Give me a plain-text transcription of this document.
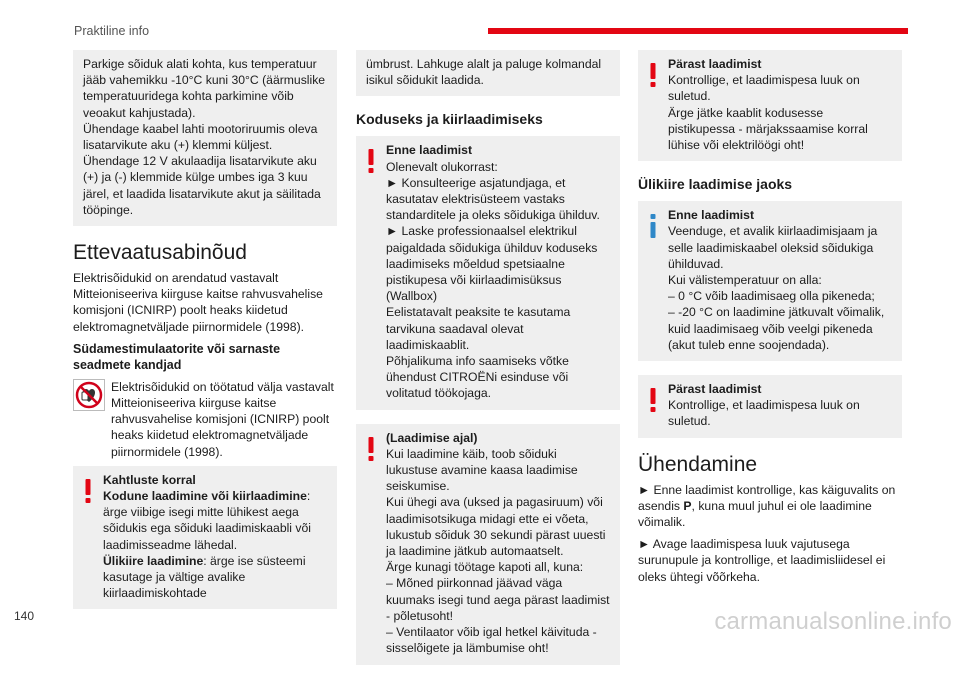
Praktiline info

Parkige sõiduk alati kohta, kus temperatuur jääb vahemikku -10°C kuni 30°C (äärmuslike temperatuuridega kohta parkimine võib veoakut kahjustada).

Ühendage kaabel lahti mootoriruumis oleva lisatarvikute aku (+) klemmi küljest.

Ühendage 12 V akulaadija lisatarvikute aku (+) ja (-) klemmide külge umbes iga 3 kuu järel, et laadida lisatarvikute akut ja säilitada tööpinge.

Ettevaatusabinõud

Elektrisõidukid on arendatud vastavalt Mitteioniseeriva kiirguse kaitse rahvusvahelise komisjoni (ICNIRP) poolt heaks kiidetud elektromagnetväljade piirnormidele (1998).

Südamestimulaatorite või sarnaste seadmete kandjad
Elektrisõidukid on töötatud välja vastavalt Mitteioniseeriva kiirguse kaitse rahvusvahelise komisjoni (ICNIRP) poolt heaks kiidetud elektromagnetväljade piirnormidele (1998).

Kahtluste korral

Kodune laadimine või kiirlaadimine: ärge viibige isegi mitte lühikest aega sõidukis ega sõiduki laadimiskaabli või laadimisseadme lähedal.

Ülikiire laadimine: ärge ise süsteemi kasutage ja vältige avalike kiirlaadimiskohtade

ümbrust. Lahkuge alalt ja paluge kolmandal isikul sõidukit laadida.

Koduseks ja kiirlaadimiseks

Enne laadimist

Olenevalt olukorrast:

► Konsulteerige asjatundjaga, et kasutatav elektrisüsteem vastaks standarditele ja oleks sõidukiga ühilduv.

► Laske professionaalsel elektrikul paigaldada sõidukiga ühilduv koduseks laadimiseks mõeldud spetsiaalne pistikupesa või kiirlaadimisüksus (Wallbox)

Eelistatavalt peaksite te kasutama tarvikuna saadaval olevat laadimiskaablit.

Põhjalikuma info saamiseks võtke ühendust CITROËNi esinduse või volitatud töökojaga.

(Laadimise ajal)

Kui laadimine käib, toob sõiduki lukustuse avamine kaasa laadimise seiskumise.

Kui ühegi ava (uksed ja pagasiruum) või laadimisotsikuga midagi ette ei võeta, lukustub sõiduk 30 sekundi pärast uuesti ja laadimine jätkub automaatselt.

Ärge kunagi töötage kapoti all, kuna:

– Mõned piirkonnad jäävad väga kuumaks isegi tund aega pärast laadimist - põletusoht!

– Ventilaator võib igal hetkel käivituda - sisselõigete ja lämbumise oht!

Pärast laadimist

Kontrollige, et laadimispesa luuk on suletud.

Ärge jätke kaablit kodusesse pistikupessa - märjakssaamise korral lühise või elektrilöögi oht!

Ülikiire laadimise jaoks

Enne laadimist

Veenduge, et avalik kiirlaadimisjaam ja selle laadimiskaabel oleksid sõidukiga ühilduvad.

Kui välistemperatuur on alla:

– 0 °C võib laadimisaeg olla pikeneda;

– -20 °C on laadimine jätkuvalt võimalik, kuid laadimisaeg võib veelgi pikeneda (akut tuleb enne soojendada).

Pärast laadimist

Kontrollige, et laadimispesa luuk on suletud.

Ühendamine

► Enne laadimist kontrollige, kas käiguvalits on asendis P, kuna muul juhul ei ole laadimine võimalik.

► Avage laadimispesa luuk vajutusega surunupule ja kontrollige, et laadimisliidesel ei oleks ühtegi võõrkeha.

140	carmanualsonline.info
